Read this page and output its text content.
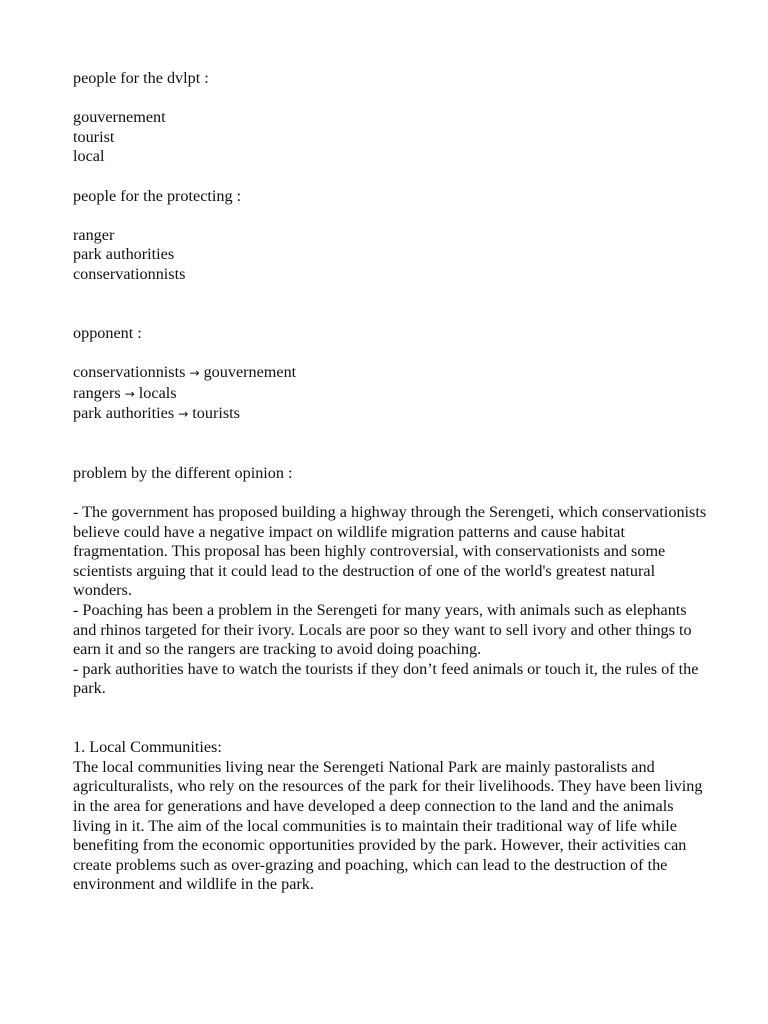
people for the dvlpt :

gouvernement

tourist

local

people for the protecting :

ranger

park authorities

conservationnists

opponent :

conservationnists → gouvernement

rangers → locals

park authorities → tourists

problem by the different opinion :

- The government has proposed building a highway through the Serengeti, which conservationists believe could have a negative impact on wildlife migration patterns and cause habitat fragmentation. This proposal has been highly controversial, with conservationists and some scientists arguing that it could lead to the destruction of one of the world's greatest natural wonders.

- Poaching has been a problem in the Serengeti for many years, with animals such as elephants and rhinos targeted for their ivory. Locals are poor so they want to sell ivory and other things to earn it and so the rangers are tracking to avoid doing poaching.

- park authorities have to watch the tourists if they don’t feed animals or touch it, the rules of the park.

1. Local Communities:

The local communities living near the Serengeti National Park are mainly pastoralists and agriculturalists, who rely on the resources of the park for their livelihoods. They have been living in the area for generations and have developed a deep connection to the land and the animals living in it. The aim of the local communities is to maintain their traditional way of life while benefiting from the economic opportunities provided by the park. However, their activities can create problems such as over-grazing and poaching, which can lead to the destruction of the environment and wildlife in the park.
